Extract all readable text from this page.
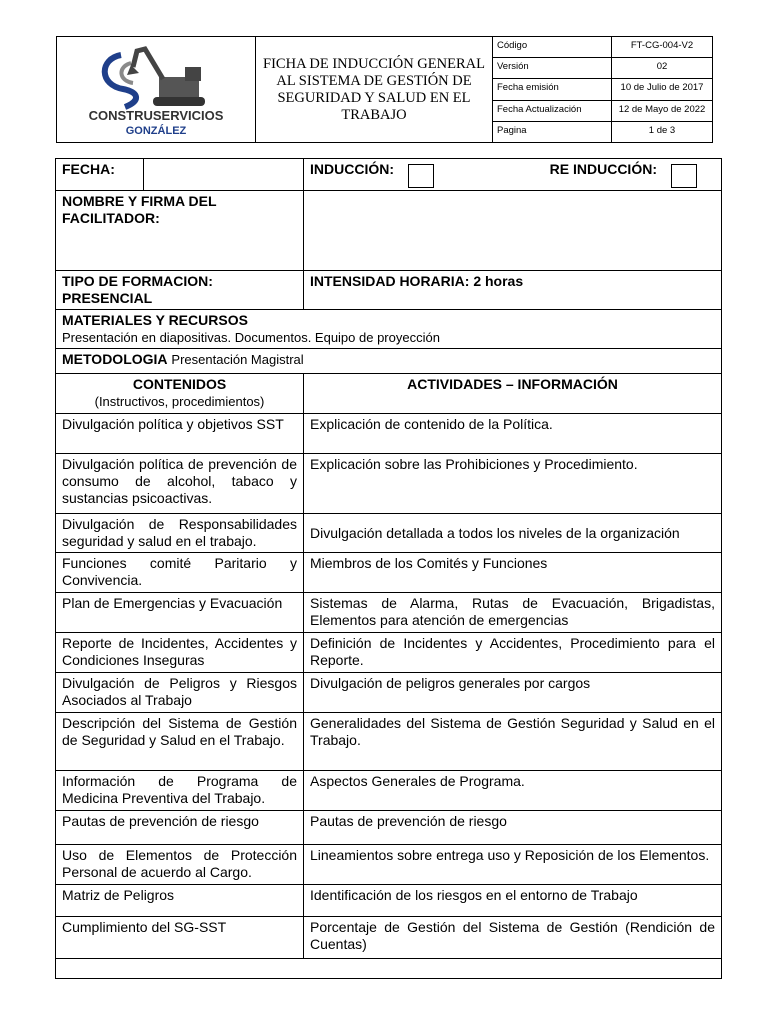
CONSTRUSERVICIOS
GONZÁLEZ	FICHA DE INDUCCIÓN GENERAL AL SISTEMA DE GESTIÓN DE SEGURIDAD Y SALUD EN EL TRABAJO	Código	FT-CG-004-V2
		Versión	02
		Fecha emisión	10 de Julio de 2017
		Fecha Actualización	12 de Mayo de 2022
		Pagina	1 de 3
FECHA:		INDUCCIÓN: RE INDUCCIÓN:

NOMBRE Y FIRMA DEL FACILITADOR:		
TIPO DE FORMACION: PRESENCIAL		INTENSIDAD HORARIA: 2 horas
MATERIALES Y RECURSOS
Presentación en diapositivas. Documentos. Equipo de proyección		
METODOLOGIA Presentación Magistral		
CONTENIDOS
(Instructivos, procedimientos)		ACTIVIDADES – INFORMACIÓN
Divulgación política y objetivos SST		Explicación de contenido de la Política.
Divulgación política de prevención de consumo de alcohol, tabaco y sustancias psicoactivas.		Explicación sobre las Prohibiciones y Procedimiento.
Divulgación de Responsabilidades seguridad y salud en el trabajo.		Divulgación detallada a todos los niveles de la organización
Funciones comité Paritario y Convivencia.		Miembros de los Comités y Funciones
Plan de Emergencias y Evacuación		Sistemas de Alarma, Rutas de Evacuación, Brigadistas, Elementos para atención de emergencias
Reporte de Incidentes, Accidentes y Condiciones Inseguras		Definición de Incidentes y Accidentes, Procedimiento para el Reporte.
Divulgación de Peligros y Riesgos Asociados al Trabajo		Divulgación de peligros generales por cargos
Descripción del Sistema de Gestión de Seguridad y Salud en el Trabajo.		Generalidades del Sistema de Gestión Seguridad y Salud en el Trabajo.
Información de Programa de Medicina Preventiva del Trabajo.		Aspectos Generales de Programa.
Pautas de prevención de riesgo		Pautas de prevención de riesgo
Uso de Elementos de Protección Personal de acuerdo al Cargo.		Lineamientos sobre entrega uso y Reposición de los Elementos.
Matriz de Peligros		Identificación de los riesgos en el entorno de Trabajo
Cumplimiento del SG-SST		Porcentaje de Gestión del Sistema de Gestión (Rendición de Cuentas)
